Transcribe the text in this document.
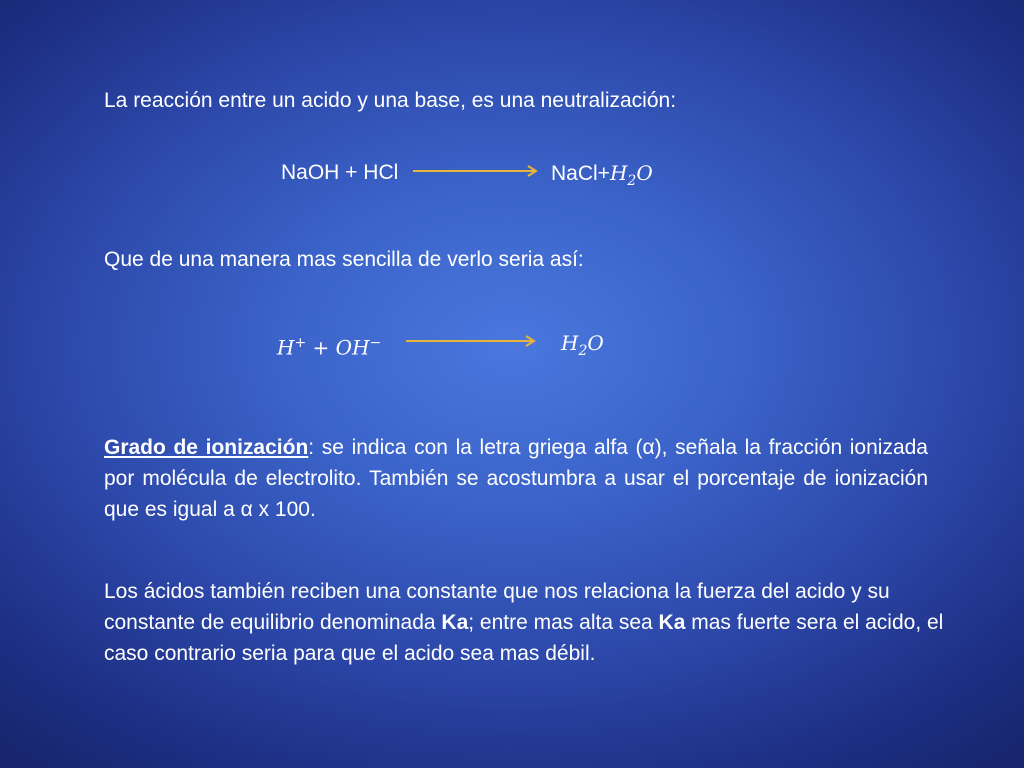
La reacción entre un acido y una base, es una neutralización:
NaOH + HCl	$NaCl+H_2O$
Que de una manera mas sencilla de verlo seria así:
H+ + OH−	$H_2O$
Grado de ionización: se indica con la letra griega alfa (α), señala la fracción ionizada por molécula de electrolito. También se acostumbra a usar el porcentaje de ionización que es igual a α x 100.
Los ácidos también reciben una constante que nos relaciona la fuerza del acido y su constante de equilibrio denominada Ka; entre mas alta sea Ka mas fuerte sera el acido, el caso contrario seria para que el acido sea mas débil.
